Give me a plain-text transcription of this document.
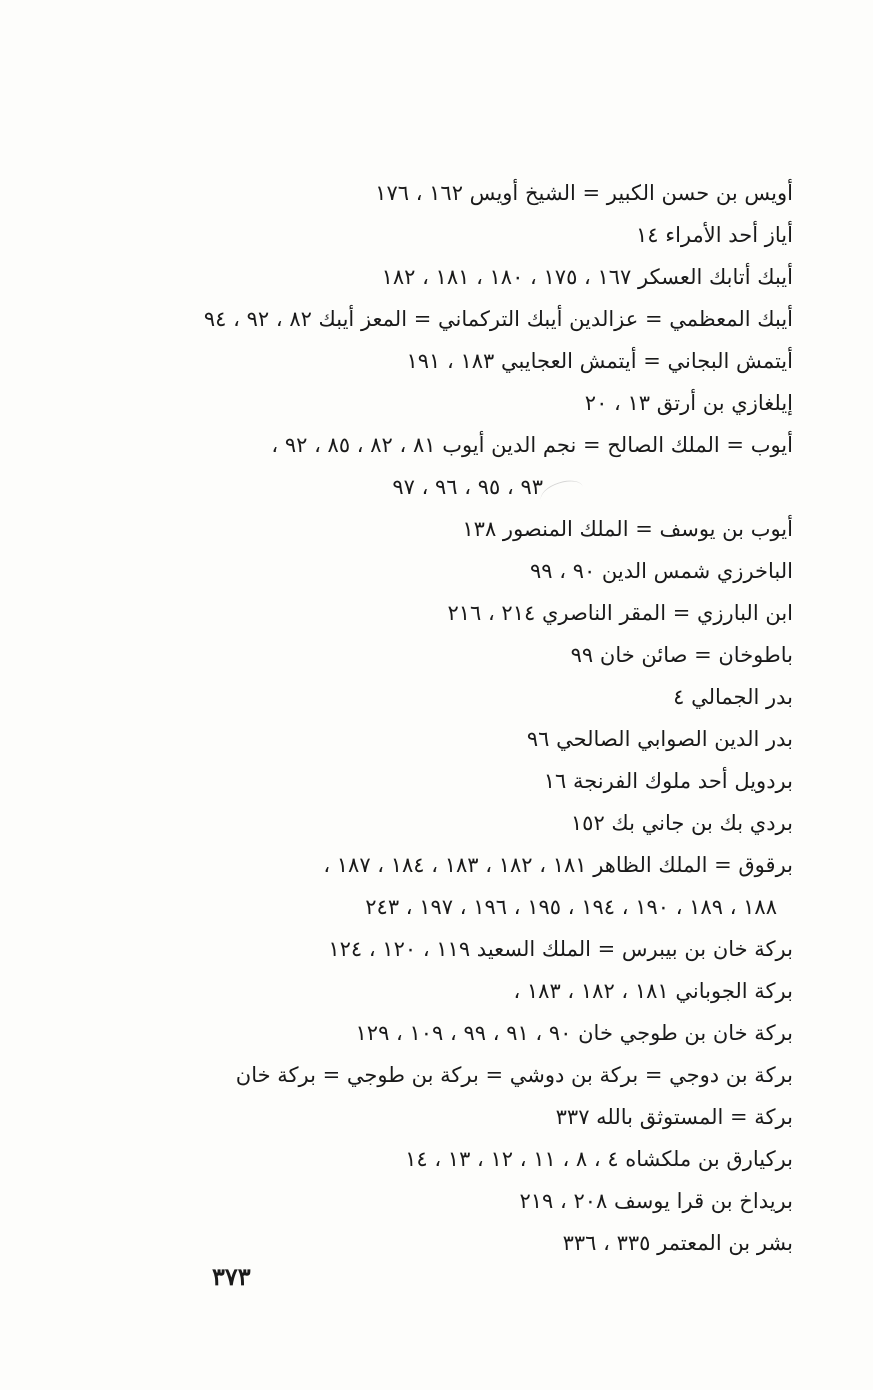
أويس بن حسن الكبير = الشيخ أويس ١٦٢ ، ١٧٦
أياز أحد الأمراء ١٤
أيبك أتابك العسكر ١٦٧ ، ١٧٥ ، ١٨٠ ، ١٨١ ، ١٨٢
أيبك المعظمي = عزالدين أيبك التركماني = المعز أيبك ٨٢ ، ٩٢ ، ٩٤
أيتمش البجاني = أيتمش العجايبي ١٨٣ ، ١٩١
إيلغازي بن أرتق ١٣ ، ٢٠
أيوب = الملك الصالح = نجم الدين أيوب ٨١ ، ٨٢ ، ٨٥ ، ٩٢ ،
٩٣ ، ٩٥ ، ٩٦ ، ٩٧
أيوب بن يوسف = الملك المنصور ١٣٨
الباخرزي شمس الدين ٩٠ ، ٩٩
ابن البارزي = المقر الناصري ٢١٤ ، ٢١٦
باطوخان = صائن خان ٩٩
بدر الجمالي ٤
بدر الدين الصوابي الصالحي ٩٦
بردويل أحد ملوك الفرنجة ١٦
بردي بك بن جاني بك ١٥٢
برقوق = الملك الظاهر ١٨١ ، ١٨٢ ، ١٨٣ ، ١٨٤ ، ١٨٧ ،
١٨٨ ، ١٨٩ ، ١٩٠ ، ١٩٤ ، ١٩٥ ، ١٩٦ ، ١٩٧ ، ٢٤٣
بركة خان بن بيبرس = الملك السعيد ١١٩ ، ١٢٠ ، ١٢٤
بركة الجوباني ١٨١ ، ١٨٢ ، ١٨٣ ،
بركة خان بن طوجي خان ٩٠ ، ٩١ ، ٩٩ ، ١٠٩ ، ١٢٩
بركة بن دوجي = بركة بن دوشي = بركة بن طوجي = بركة خان
بركة = المستوثق بالله ٣٣٧
بركيارق بن ملكشاه ٤ ، ٨ ، ١١ ، ١٢ ، ١٣ ، ١٤
بريداخ بن قرا يوسف ٢٠٨ ، ٢١٩
بشر بن المعتمر ٣٣٥ ، ٣٣٦
٣٧٣
